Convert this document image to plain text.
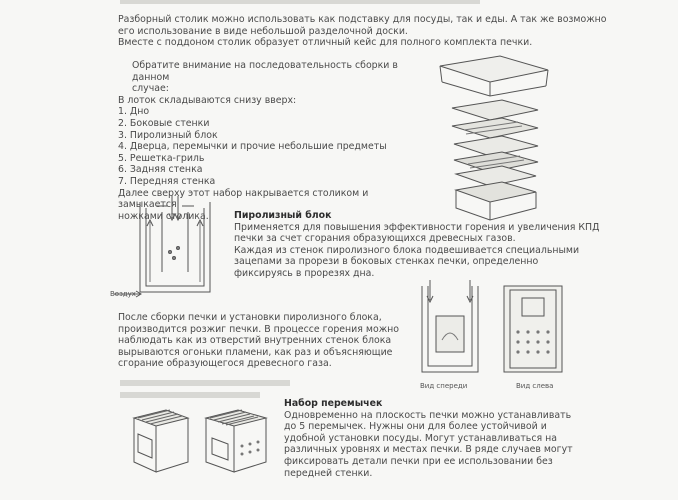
Разборный столик можно использовать как подставку для посуды, так и еды. А так же возможно

его использование в виде небольшой разделочной доски.

Вместе с поддоном столик образует отличный кейс для полного комплекта печки.

Обратите внимание на последовательность сборки в данном

случае:

В лоток складываются снизу вверх:

1. Дно

2. Боковые стенки

3. Пиролизный блок

4. Дверца, перемычки и прочие небольшие предметы

5. Решетка-гриль

6. Задняя стенка

7. Передняя стенка

Далее сверху этот набор накрывается столиком и замыкается

ножками столика.

Воздух

Пиролизный блок

Применяется для повышения эффективности горения и увеличения КПД

печки за счет сгорания образующихся древесных газов.

Каждая из стенок пиролизного блока подвешивается специальными

зацепами за прорези в боковых стенках печки, определенно

фиксируясь в прорезях дна.

После сборки печки и установки пиролизного блока,

производится розжиг печки. В процессе горения можно

наблюдать как из отверстий внутренних стенок блока

вырываются огоньки пламени, как раз и объясняющие

сгорание образующегося древесного газа.

Вид спереди	Вид слева

Набор перемычек

Одновременно на плоскость печки можно устанавливать

до 5 перемычек. Нужны они для более устойчивой и

удобной установки посуды. Могут устанавливаться на

различных уровнях и местах печки. В ряде случаев могут

фиксировать детали печки при ее использовании без

передней стенки.
